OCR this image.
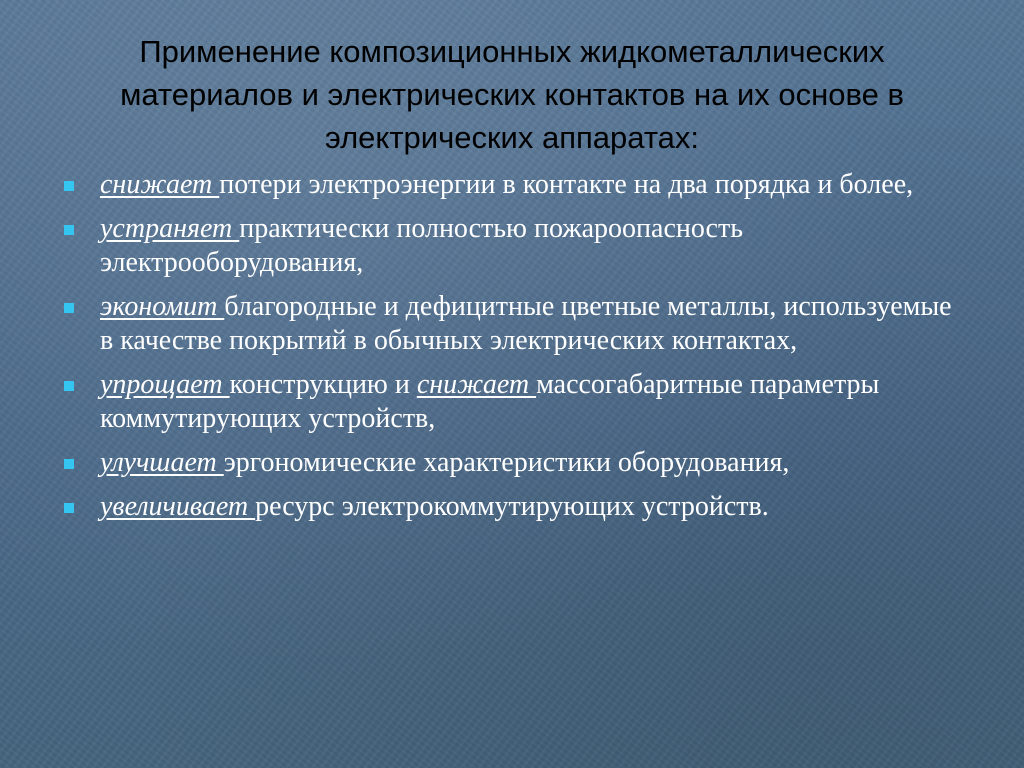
Применение композиционных жидкометаллических
материалов и электрических контактов на их основе в
электрических аппаратах:
снижает потери электроэнергии в контакте на два порядка и более,
устраняет практически полностью пожароопасность электрооборудования,
экономит благородные и дефицитные цветные металлы, используемые в качестве покрытий в обычных электрических контактах,
упрощает конструкцию и снижает массогабаритные параметры коммутирующих устройств,
улучшает эргономические характеристики оборудования,
увеличивает ресурс электрокоммутирующих устройств.
